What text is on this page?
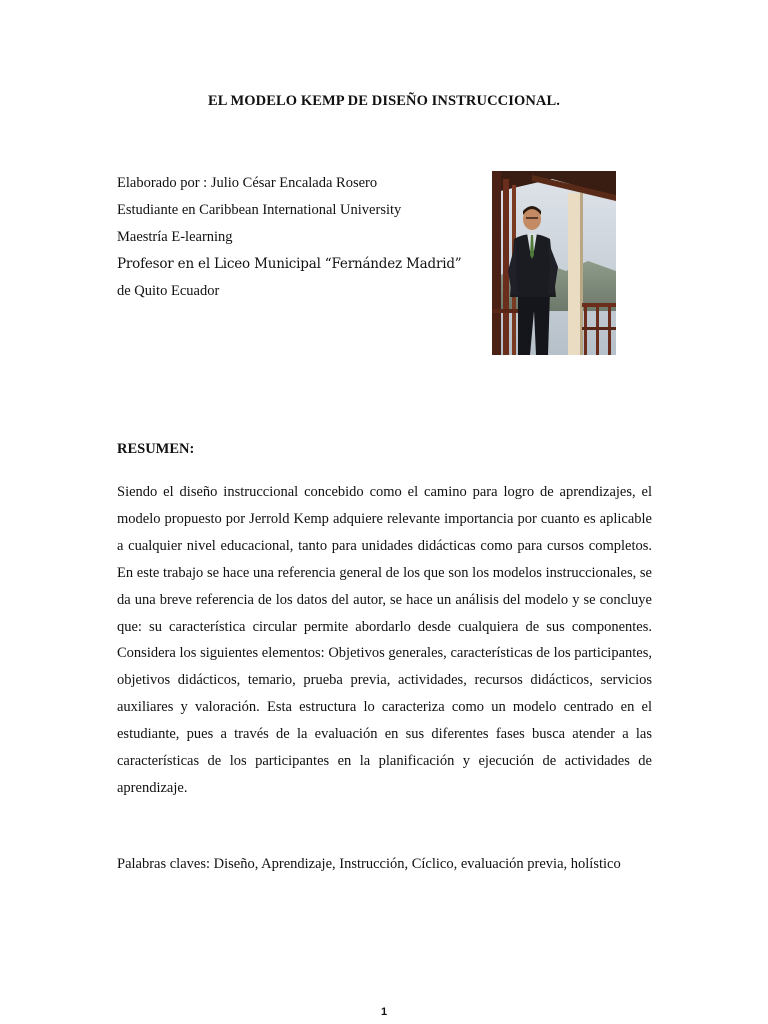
EL MODELO KEMP DE DISEÑO INSTRUCCIONAL.
Elaborado por : Julio César Encalada Rosero
Estudiante en Caribbean International University
Maestría E-learning
Profesor en el Liceo Municipal “Fernández Madrid”
de Quito Ecuador
RESUMEN:

Siendo el diseño instruccional concebido como el camino para logro de aprendizajes, el modelo propuesto por Jerrold Kemp adquiere relevante importancia por cuanto es aplicable a cualquier nivel educacional, tanto para unidades didácticas como para cursos completos. En este trabajo se hace una referencia general de los que son los modelos instruccionales, se da una breve referencia de los datos del autor, se hace un análisis del modelo y se concluye que: su característica circular permite abordarlo desde cualquiera de sus componentes. Considera los siguientes elementos: Objetivos generales, características de los participantes, objetivos didácticos, temario, prueba previa, actividades, recursos didácticos, servicios auxiliares y valoración. Esta estructura lo caracteriza como un modelo centrado en el estudiante, pues a través de la evaluación en sus diferentes fases busca atender a las características de los participantes en la planificación y ejecución de actividades de aprendizaje.

Palabras claves: Diseño, Aprendizaje, Instrucción, Cíclico, evaluación previa, holístico

1
